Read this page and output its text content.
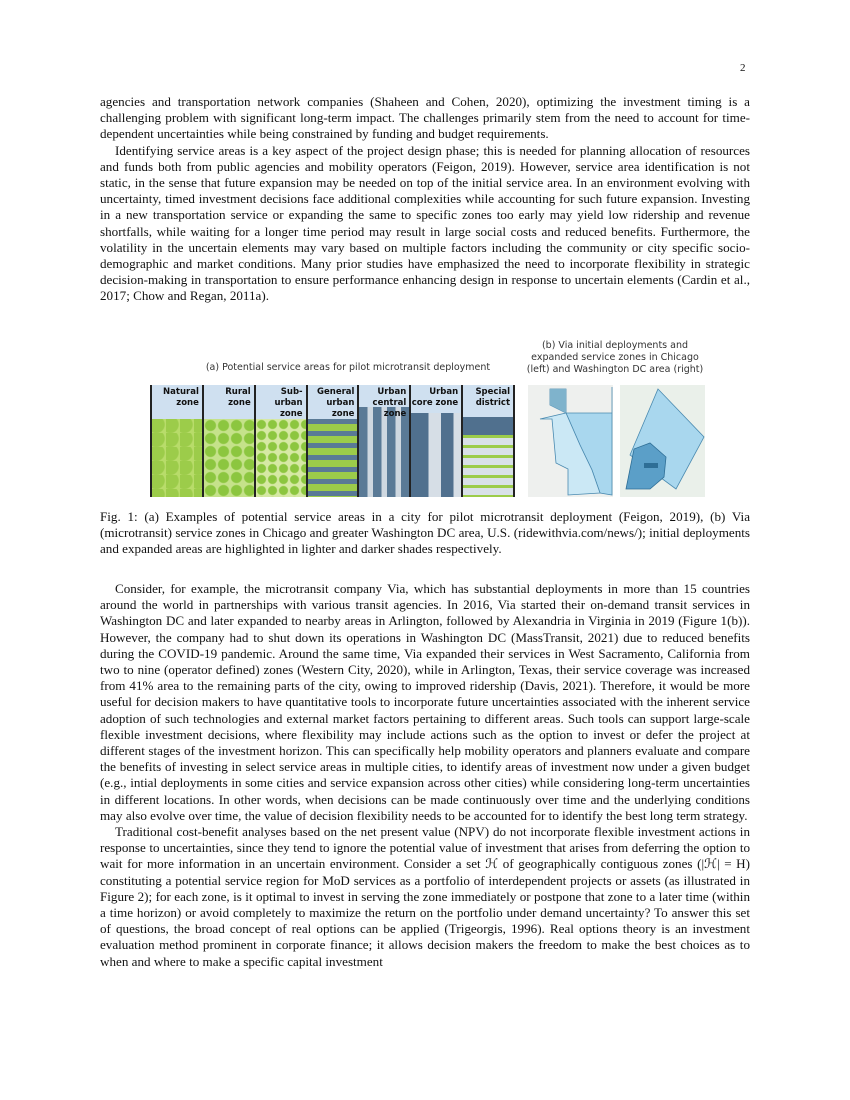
2

agencies and transportation network companies (Shaheen and Cohen, 2020), optimizing the investment timing is a challenging problem with significant long-term impact. The challenges primarily stem from the need to account for time-dependent uncertainties while being constrained by funding and budget requirements.

Identifying service areas is a key aspect of the project design phase; this is needed for planning allocation of resources and funds both from public agencies and mobility operators (Feigon, 2019). However, service area identification is not static, in the sense that future expansion may be needed on top of the initial service area. In an environment evolving with uncertainty, timed investment decisions face additional complexities while accounting for such future expansion. Investing in a new transportation service or expanding the same to specific zones too early may yield low ridership and revenue shortfalls, while waiting for a longer time period may result in large social costs and reduced benefits. Furthermore, the volatility in the uncertain elements may vary based on multiple factors including the community or city specific socio-demographic and market conditions. Many prior studies have emphasized the need to incorporate flexibility in strategic decision-making in transportation to ensure performance enhancing design in response to uncertain elements (Cardin et al., 2017; Chow and Regan, 2011a).

(a) Potential service areas for pilot microtransit deployment
(b) Via initial deployments and expanded service zones in Chicago (left) and Washington DC area (right)
Natural zone
Rural zone
Sub-urban zone
General urban zone
Urban central zone
Urban core zone
Special district
Fig. 1: (a) Examples of potential service areas in a city for pilot microtransit deployment (Feigon, 2019), (b) Via (microtransit) service zones in Chicago and greater Washington DC area, U.S. (ridewithvia.com/news/); initial deployments and expanded areas are highlighted in lighter and darker shades respectively.

Consider, for example, the microtransit company Via, which has substantial deployments in more than 15 countries around the world in partnerships with various transit agencies. In 2016, Via started their on-demand transit services in Washington DC and later expanded to nearby areas in Arlington, followed by Alexandria in Virginia in 2019 (Figure 1(b)). However, the company had to shut down its operations in Washington DC (MassTransit, 2021) due to reduced benefits during the COVID-19 pandemic. Around the same time, Via expanded their services in West Sacramento, California from two to nine (operator defined) zones (Western City, 2020), while in Arlington, Texas, their service coverage was increased from 41% area to the remaining parts of the city, owing to improved ridership (Davis, 2021). Therefore, it would be more useful for decision makers to have quantitative tools to incorporate future uncertainties associated with the inherent service adoption of such technologies and external market factors pertaining to different areas. Such tools can support large-scale flexible investment decisions, where flexibility may include actions such as the option to invest or defer the project at different stages of the investment horizon. This can specifically help mobility operators and planners evaluate and compare the benefits of investing in select service areas in multiple cities, to identify areas of investment now under a given budget (e.g., intial deployments in some cities and service expansion across other cities) while considering long-term uncertainties in different locations. In other words, when decisions can be made continuously over time and the underlying conditions may also evolve over time, the value of decision flexibility needs to be accounted for to identify the best long term strategy.

Traditional cost-benefit analyses based on the net present value (NPV) do not incorporate flexible investment actions in response to uncertainties, since they tend to ignore the potential value of investment that arises from deferring the option to wait for more information in an uncertain environment. Consider a set ℋ of geographically contiguous zones (|ℋ| = H) constituting a potential service region for MoD services as a portfolio of interdependent projects or assets (as illustrated in Figure 2); for each zone, is it optimal to invest in serving the zone immediately or postpone that zone to a later time (within a time horizon) or avoid completely to maximize the return on the portfolio under demand uncertainty? To answer this set of questions, the broad concept of real options can be applied (Trigeorgis, 1996). Real options theory is an investment evaluation method prominent in corporate finance; it allows decision makers the freedom to make the best choices as to when and where to make a specific capital investment
